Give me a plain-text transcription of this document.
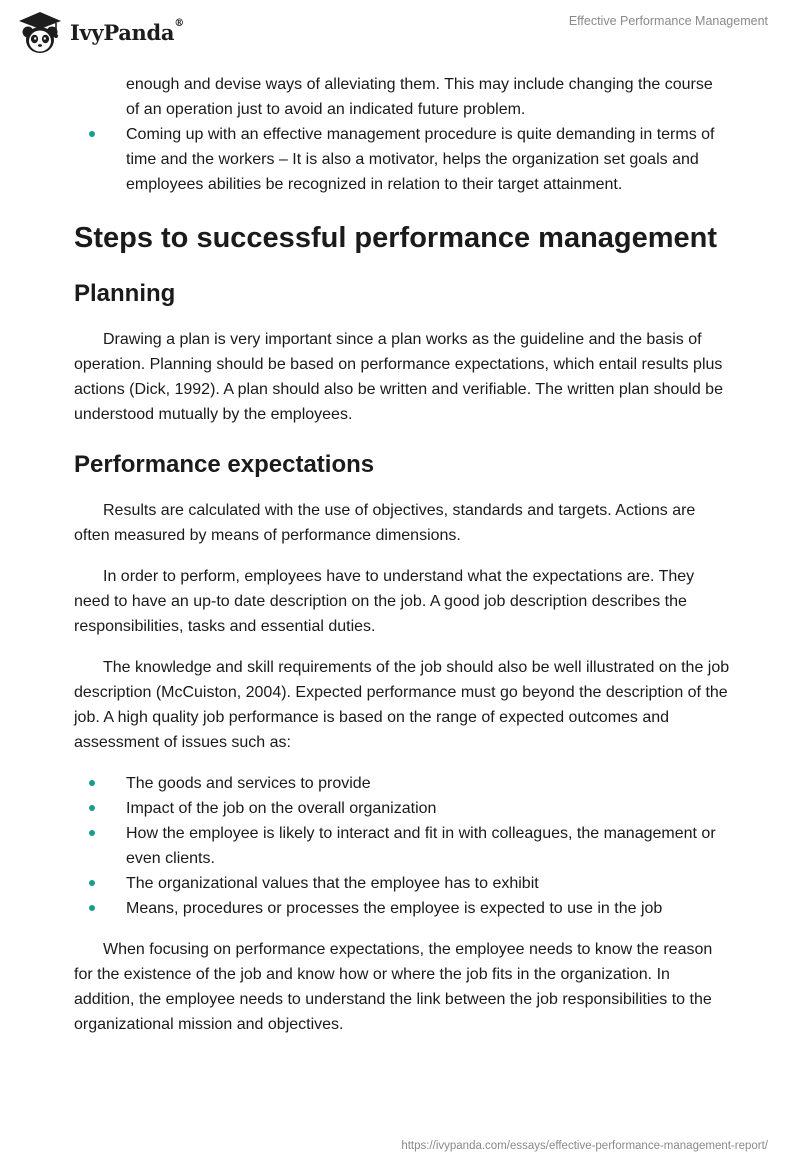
IvyPanda®	Effective Performance Management
enough and devise ways of alleviating them. This may include changing the course of an operation just to avoid an indicated future problem.
Coming up with an effective management procedure is quite demanding in terms of time and the workers – It is also a motivator, helps the organization set goals and employees abilities be recognized in relation to their target attainment.
Steps to successful performance management
Planning

Drawing a plan is very important since a plan works as the guideline and the basis of operation. Planning should be based on performance expectations, which entail results plus actions (Dick, 1992). A plan should also be written and verifiable. The written plan should be understood mutually by the employees.

Performance expectations

Results are calculated with the use of objectives, standards and targets. Actions are often measured by means of performance dimensions.

In order to perform, employees have to understand what the expectations are. They need to have an up-to date description on the job. A good job description describes the responsibilities, tasks and essential duties.

The knowledge and skill requirements of the job should also be well illustrated on the job description (McCuiston, 2004). Expected performance must go beyond the description of the job. A high quality job performance is based on the range of expected outcomes and assessment of issues such as:

The goods and services to provide
Impact of the job on the overall organization
How the employee is likely to interact and fit in with colleagues, the management or even clients.
The organizational values that the employee has to exhibit
Means, procedures or processes the employee is expected to use in the job

When focusing on performance expectations, the employee needs to know the reason for the existence of the job and know how or where the job fits in the organization. In addition, the employee needs to understand the link between the job responsibilities to the organizational mission and objectives.

https://ivypanda.com/essays/effective-performance-management-report/
